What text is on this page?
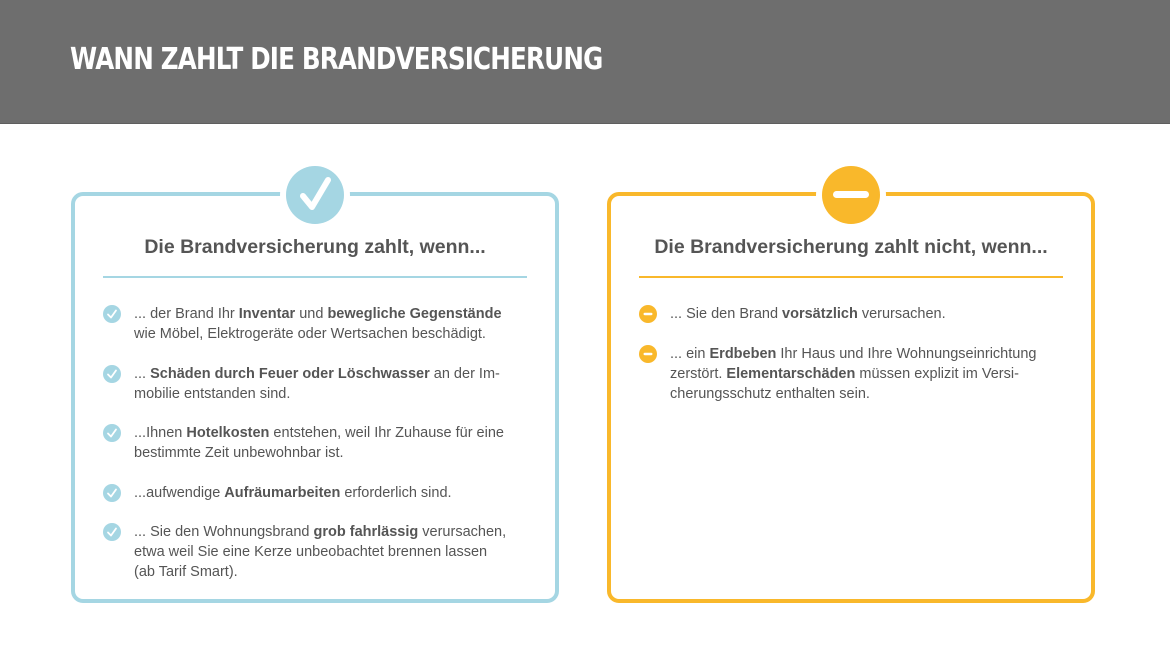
WANN ZAHLT DIE BRANDVERSICHERUNG
Die Brandversicherung zahlt, wenn...
... der Brand Ihr Inventar und bewegliche Gegenstände
wie Möbel, Elektrogeräte oder Wertsachen beschädigt.
... Schäden durch Feuer oder Löschwasser an der Im-
mobilie entstanden sind.
...Ihnen Hotelkosten entstehen, weil Ihr Zuhause für eine
bestimmte Zeit unbewohnbar ist.
...aufwendige Aufräumarbeiten erforderlich sind.
... Sie den Wohnungsbrand grob fahrlässig verursachen,
etwa weil Sie eine Kerze unbeobachtet brennen lassen
(ab Tarif Smart).
Die Brandversicherung zahlt nicht, wenn...
... Sie den Brand vorsätzlich verursachen.
... ein Erdbeben Ihr Haus und Ihre Wohnungseinrichtung
zerstört. Elementarschäden müssen explizit im Versi-
cherungsschutz enthalten sein.
